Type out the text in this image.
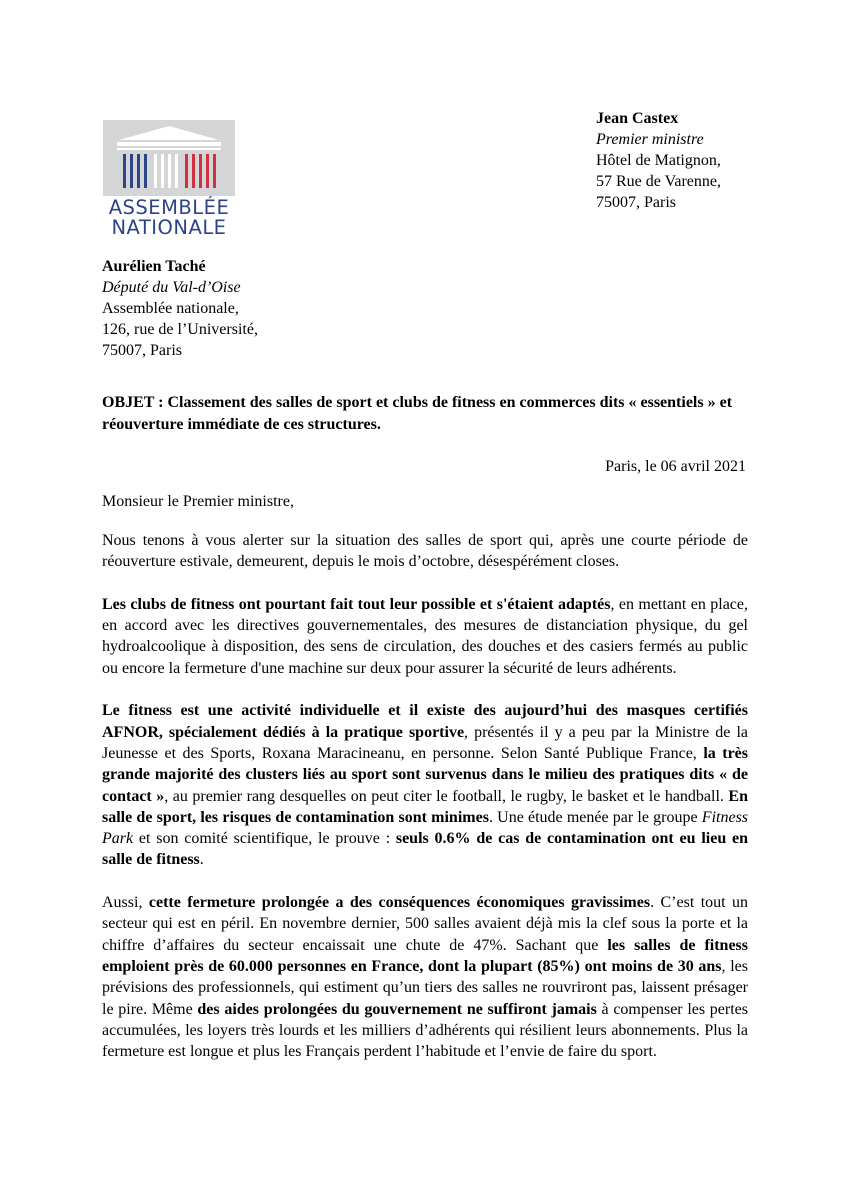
ASSEMBLÉE
NATIONALE
Jean Castex
Premier ministre
Hôtel de Matignon,
57 Rue de Varenne,
75007, Paris
Aurélien Taché
Député du Val-d’Oise
Assemblée nationale,
126, rue de l’Université,
75007, Paris
OBJET : Classement des salles de sport et clubs de fitness en commerces dits « essentiels » et réouverture immédiate de ces structures.
Paris, le 06 avril 2021
Monsieur le Premier ministre,

Nous tenons à vous alerter sur la situation des salles de sport qui, après une courte période de réouverture estivale, demeurent, depuis le mois d’octobre, désespérément closes.

Les clubs de fitness ont pourtant fait tout leur possible et s'étaient adaptés, en mettant en place, en accord avec les directives gouvernementales, des mesures de distanciation physique, du gel hydroalcoolique à disposition, des sens de circulation, des douches et des casiers fermés au public ou encore la fermeture d'une machine sur deux pour assurer la sécurité de leurs adhérents.

Le fitness est une activité individuelle et il existe des aujourd’hui des masques certifiés AFNOR, spécialement dédiés à la pratique sportive, présentés il y a peu par la Ministre de la Jeunesse et des Sports, Roxana Maracineanu, en personne. Selon Santé Publique France, la très grande majorité des clusters liés au sport sont survenus dans le milieu des pratiques dits « de contact », au premier rang desquelles on peut citer le football, le rugby, le basket et le handball. En salle de sport, les risques de contamination sont minimes. Une étude menée par le groupe Fitness Park et son comité scientifique, le prouve : seuls 0.6% de cas de contamination ont eu lieu en salle de fitness.

Aussi, cette fermeture prolongée a des conséquences économiques gravissimes. C’est tout un secteur qui est en péril. En novembre dernier, 500 salles avaient déjà mis la clef sous la porte et la chiffre d’affaires du secteur encaissait une chute de 47%. Sachant que les salles de fitness emploient près de 60.000 personnes en France, dont la plupart (85%) ont moins de 30 ans, les prévisions des professionnels, qui estiment qu’un tiers des salles ne rouvriront pas, laissent présager le pire. Même des aides prolongées du gouvernement ne suffiront jamais à compenser les pertes accumulées, les loyers très lourds et les milliers d’adhérents qui résilient leurs abonnements. Plus la fermeture est longue et plus les Français perdent l’habitude et l’envie de faire du sport.
